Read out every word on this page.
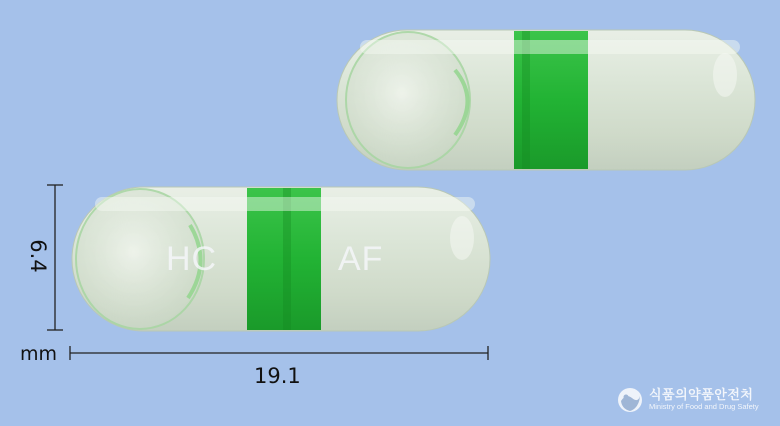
HC	AF
6.4
mm
19.1
식품의약품안전처
Ministry of Food and Drug Safety
